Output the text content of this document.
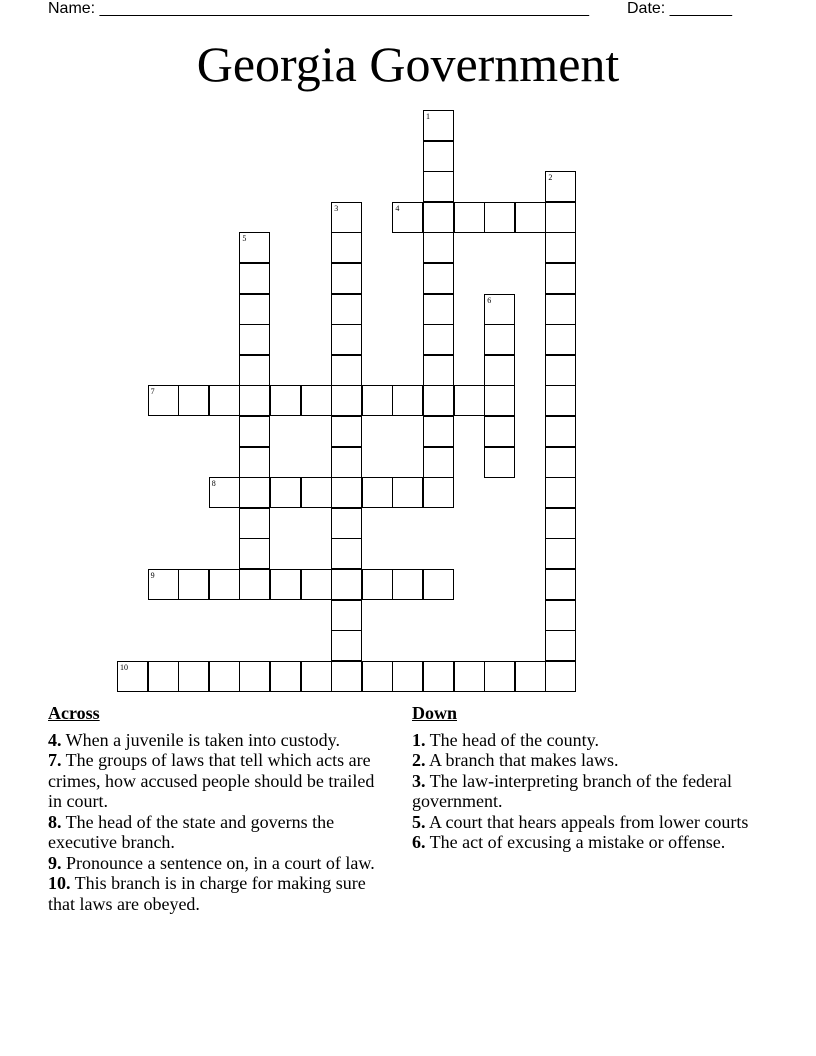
Name: _______________________________________________________ Date: _______
Georgia Government
1
2
3	4
5
6
7
8
9
10
Across
4. When a juvenile is taken into custody.
7. The groups of laws that tell which acts are crimes, how accused people should be trailed in court.
8. The head of the state and governs the executive branch.
9. Pronounce a sentence on, in a court of law.
10. This branch is in charge for making sure that laws are obeyed.
Down
1. The head of the county.
2. A branch that makes laws.
3. The law-interpreting branch of the federal government.
5. A court that hears appeals from lower courts
6. The act of excusing a mistake or offense.
